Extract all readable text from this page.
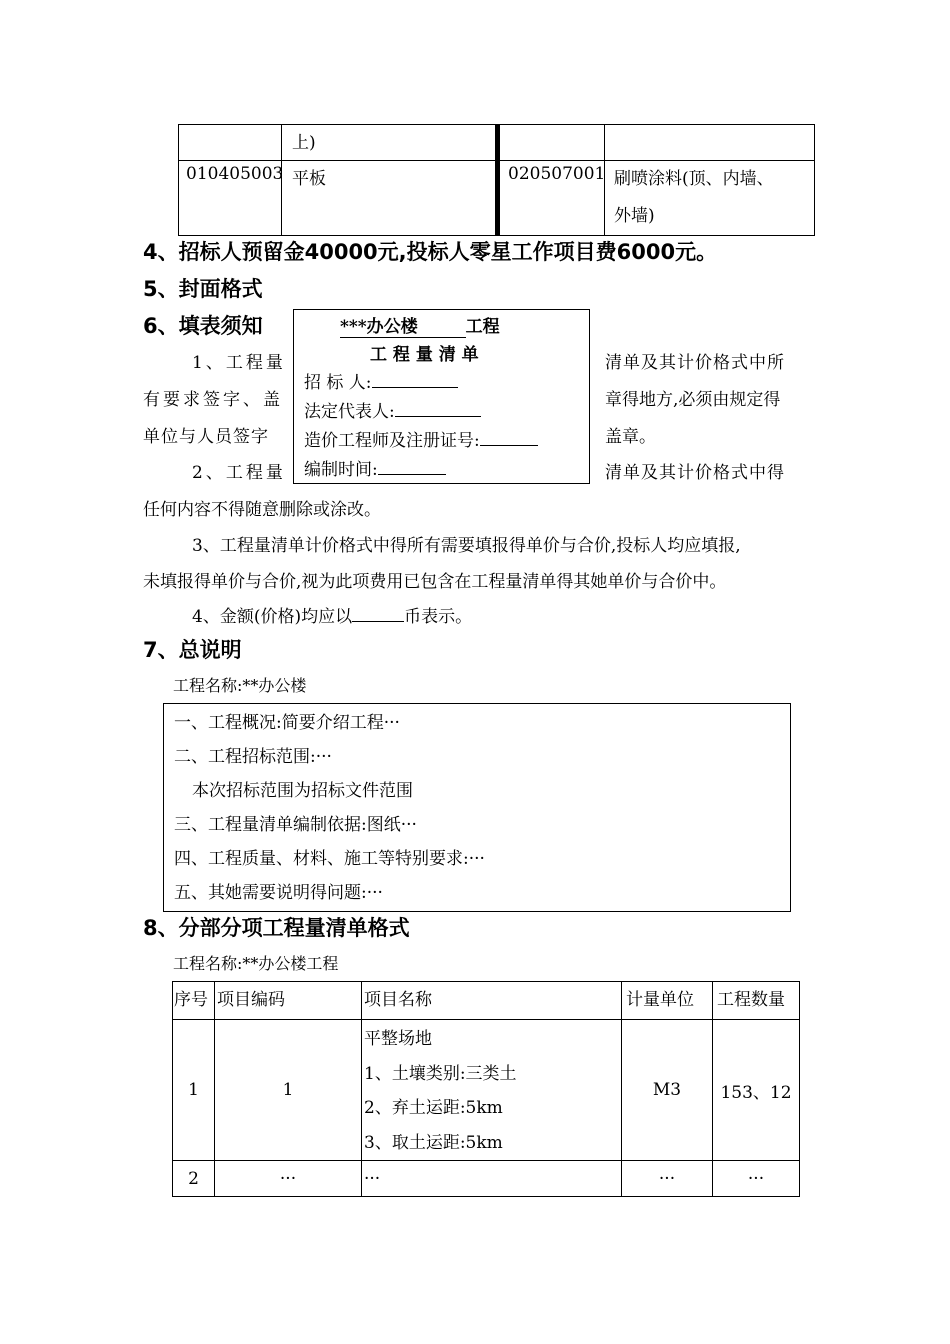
上)
010405003 平板	020507001 刷喷涂料(顶、内墙、
外墙)
4、招标人预留金40000元,投标人零星工作项目费6000元。
5、封面格式
6、填表须知
1、工程量	清单及其计价格式中所
有要求签字、盖	章得地方,必须由规定得
单位与人员签字	盖章。
2、工程量	清单及其计价格式中得
任何内容不得随意删除或涂改。
3、工程量清单计价格式中得所有需要填报得单价与合价,投标人均应填报,
未填报得单价与合价,视为此项费用已包含在工程量清单得其她单价与合价中。
4、金额(价格)均应以	币表示。
***办公楼	工程
工 程 量 清 单
招 标 人:
法定代表人:
造价工程师及注册证号:
编制时间:
7、总说明
工程名称:**办公楼
一、工程概况:简要介绍工程···
二、工程招标范围:···
本次招标范围为招标文件范围
三、工程量清单编制依据:图纸···
四、工程质量、材料、施工等特别要求:···
五、其她需要说明得问题:···
8、分部分项工程量清单格式
工程名称:**办公楼工程
序号	项目编码	项目名称	计量单位	工程数量
1	1	平整场地
1、土壤类别:三类土
2、弃土运距:5km
3、取土运距:5km	M3	153、12
2	···	···	···	···
